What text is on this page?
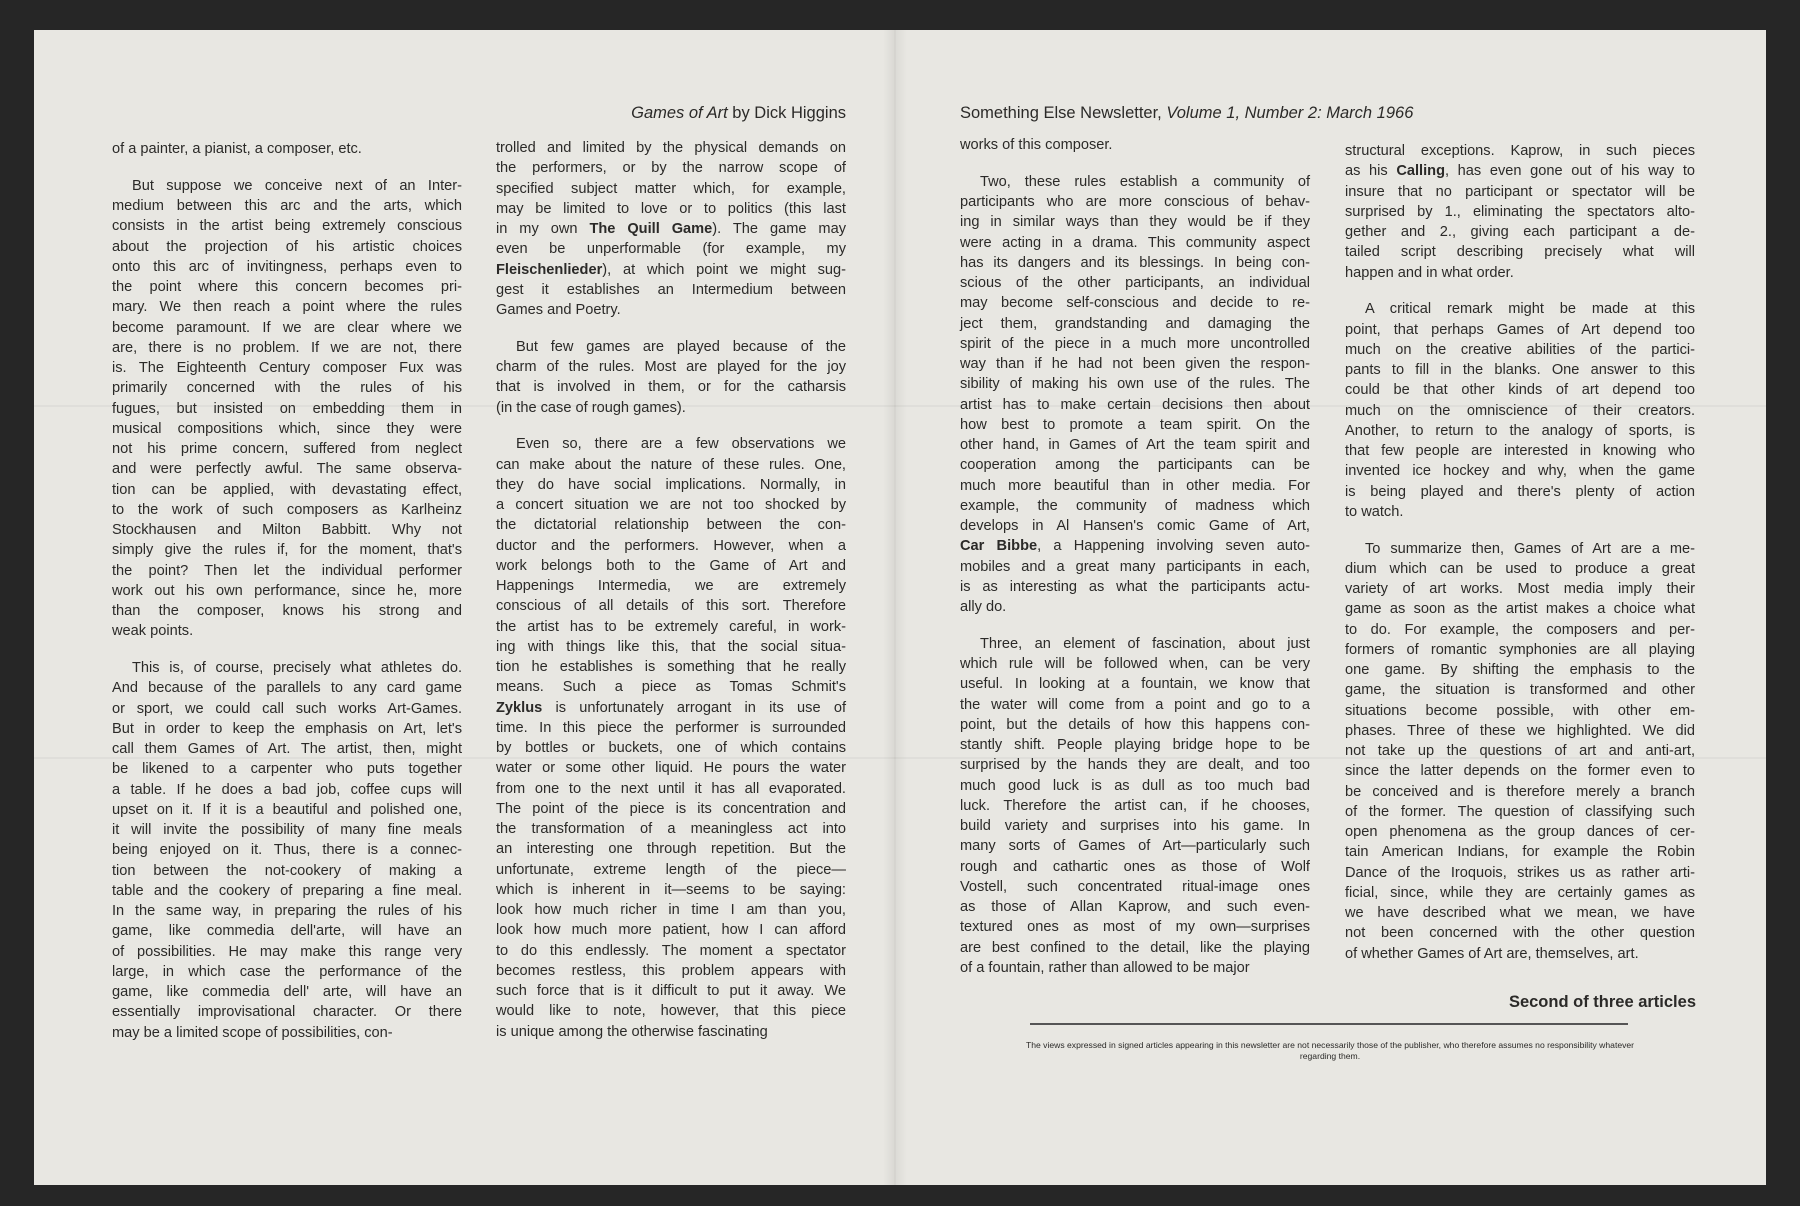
Games of Art by Dick Higgins	Something Else Newsletter, Volume 1, Number 2: March 1966
of a painter, a pianist, a composer, etc.
But suppose we conceive next of an Inter-
medium between this arc and the arts, which
consists in the artist being extremely conscious
about the projection of his artistic choices
onto this arc of invitingness, perhaps even to
the point where this concern becomes pri-
mary. We then reach a point where the rules
become paramount. If we are clear where we
are, there is no problem. If we are not, there
is. The Eighteenth Century composer Fux was
primarily concerned with the rules of his
fugues, but insisted on embedding them in
musical compositions which, since they were
not his prime concern, suffered from neglect
and were perfectly awful. The same observa-
tion can be applied, with devastating effect,
to the work of such composers as Karlheinz
Stockhausen and Milton Babbitt. Why not
simply give the rules if, for the moment, that's
the point? Then let the individual performer
work out his own performance, since he, more
than the composer, knows his strong and
weak points.
This is, of course, precisely what athletes do.
And because of the parallels to any card game
or sport, we could call such works Art-Games.
But in order to keep the emphasis on Art, let's
call them Games of Art. The artist, then, might
be likened to a carpenter who puts together
a table. If he does a bad job, coffee cups will
upset on it. If it is a beautiful and polished one,
it will invite the possibility of many fine meals
being enjoyed on it. Thus, there is a connec-
tion between the not-cookery of making a
table and the cookery of preparing a fine meal.
In the same way, in preparing the rules of his
game, like commedia dell'arte, will have an
of possibilities. He may make this range very
large, in which case the performance of the
game, like commedia dell' arte, will have an
essentially improvisational character. Or there
may be a limited scope of possibilities, con-
trolled and limited by the physical demands on
the performers, or by the narrow scope of
specified subject matter which, for example,
may be limited to love or to politics (this last
in my own The Quill Game). The game may
even be unperformable (for example, my
Fleischenlieder), at which point we might sug-
gest it establishes an Intermedium between
Games and Poetry.
But few games are played because of the
charm of the rules. Most are played for the joy
that is involved in them, or for the catharsis
(in the case of rough games).
Even so, there are a few observations we
can make about the nature of these rules. One,
they do have social implications. Normally, in
a concert situation we are not too shocked by
the dictatorial relationship between the con-
ductor and the performers. However, when a
work belongs both to the Game of Art and
Happenings Intermedia, we are extremely
conscious of all details of this sort. Therefore
the artist has to be extremely careful, in work-
ing with things like this, that the social situa-
tion he establishes is something that he really
means. Such a piece as Tomas Schmit's
Zyklus is unfortunately arrogant in its use of
time. In this piece the performer is surrounded
by bottles or buckets, one of which contains
water or some other liquid. He pours the water
from one to the next until it has all evaporated.
The point of the piece is its concentration and
the transformation of a meaningless act into
an interesting one through repetition. But the
unfortunate, extreme length of the piece—
which is inherent in it—seems to be saying:
look how much richer in time I am than you,
look how much more patient, how I can afford
to do this endlessly. The moment a spectator
becomes restless, this problem appears with
such force that is it difficult to put it away. We
would like to note, however, that this piece
is unique among the otherwise fascinating
works of this composer.
Two, these rules establish a community of
participants who are more conscious of behav-
ing in similar ways than they would be if they
were acting in a drama. This community aspect
has its dangers and its blessings. In being con-
scious of the other participants, an individual
may become self-conscious and decide to re-
ject them, grandstanding and damaging the
spirit of the piece in a much more uncontrolled
way than if he had not been given the respon-
sibility of making his own use of the rules. The
artist has to make certain decisions then about
how best to promote a team spirit. On the
other hand, in Games of Art the team spirit and
cooperation among the participants can be
much more beautiful than in other media. For
example, the community of madness which
develops in Al Hansen's comic Game of Art,
Car Bibbe, a Happening involving seven auto-
mobiles and a great many participants in each,
is as interesting as what the participants actu-
ally do.
Three, an element of fascination, about just
which rule will be followed when, can be very
useful. In looking at a fountain, we know that
the water will come from a point and go to a
point, but the details of how this happens con-
stantly shift. People playing bridge hope to be
surprised by the hands they are dealt, and too
much good luck is as dull as too much bad
luck. Therefore the artist can, if he chooses,
build variety and surprises into his game. In
many sorts of Games of Art—particularly such
rough and cathartic ones as those of Wolf
Vostell, such concentrated ritual-image ones
as those of Allan Kaprow, and such even-
textured ones as most of my own—surprises
are best confined to the detail, like the playing
of a fountain, rather than allowed to be major
structural exceptions. Kaprow, in such pieces
as his Calling, has even gone out of his way to
insure that no participant or spectator will be
surprised by 1., eliminating the spectators alto-
gether and 2., giving each participant a de-
tailed script describing precisely what will
happen and in what order.
A critical remark might be made at this
point, that perhaps Games of Art depend too
much on the creative abilities of the partici-
pants to fill in the blanks. One answer to this
could be that other kinds of art depend too
much on the omniscience of their creators.
Another, to return to the analogy of sports, is
that few people are interested in knowing who
invented ice hockey and why, when the game
is being played and there's plenty of action
to watch.
To summarize then, Games of Art are a me-
dium which can be used to produce a great
variety of art works. Most media imply their
game as soon as the artist makes a choice what
to do. For example, the composers and per-
formers of romantic symphonies are all playing
one game. By shifting the emphasis to the
game, the situation is transformed and other
situations become possible, with other em-
phases. Three of these we highlighted. We did
not take up the questions of art and anti-art,
since the latter depends on the former even to
be conceived and is therefore merely a branch
of the former. The question of classifying such
open phenomena as the group dances of cer-
tain American Indians, for example the Robin
Dance of the Iroquois, strikes us as rather arti-
ficial, since, while they are certainly games as
we have described what we mean, we have
not been concerned with the other question
of whether Games of Art are, themselves, art.
Second of three articles
The views expressed in signed articles appearing in this newsletter are not necessarily those of the publisher, who therefore assumes no responsibility whatever
regarding them.
